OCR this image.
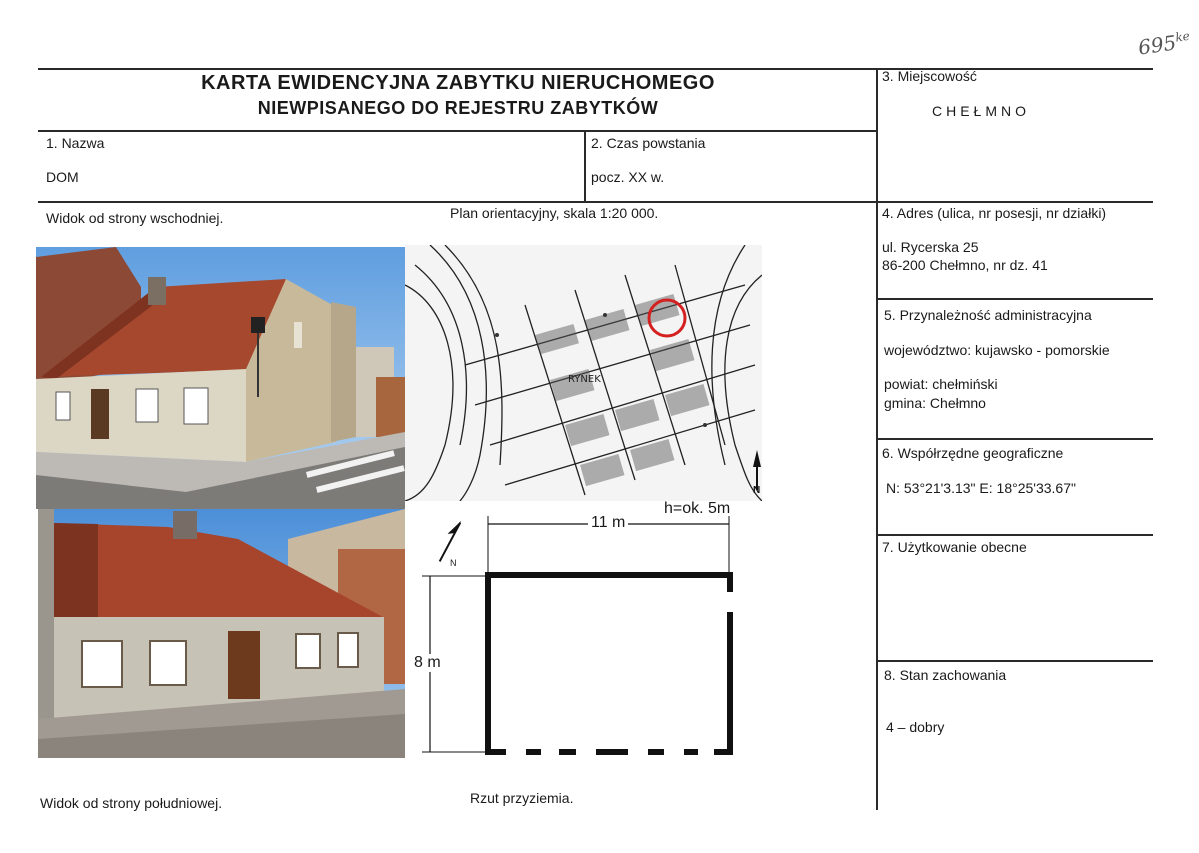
$695^{ke}$
KARTA EWIDENCYJNA ZABYTKU NIERUCHOMEGO
NIEWPISANEGO DO REJESTRU ZABYTKÓW
1. Nazwa
DOM
2. Czas powstania
pocz. XX w.
3. Miejscowość
CHEŁMNO
4. Adres (ulica, nr posesji, nr działki)
ul. Rycerska 25
86-200 Chełmno, nr dz. 41
5. Przynależność administracyjna
województwo: kujawsko - pomorskie
powiat: chełmiński
gmina: Chełmno
6. Współrzędne geograficzne
N: 53°21'3.13" E: 18°25'33.67"
7. Użytkowanie obecne
8. Stan zachowania
4 – dobry
Widok od strony wschodniej.	Plan orientacyjny, skala 1:20 000.
Widok od strony południowej.	Rzut przyziemia.
RYNEK
N
11 m
h=ok. 5m
8 m
N
